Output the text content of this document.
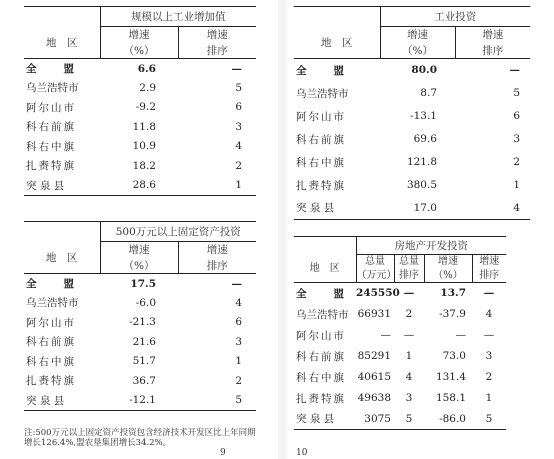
	规模以上工业增加值	
地　区	增速	增速
	（%）	排序
全　　盟	6.6	—
乌兰浩特市	2.9	5
阿尔山市	-9.2	6
科右前旗	11.8	3
科右中旗	10.9	4
扎赉特旗	18.2	2
突 泉 县	28.6	1
	500万元以上固定资产投资	
地　区	增速	增速
	（%）	排序
全　　盟	17.5	—
乌兰浩特市	-6.0	4
阿尔山市	-21.3	6
科右前旗	21.6	3
科右中旗	51.7	1
扎赉特旗	36.7	2
突 泉 县	-12.1	5
注:500万元以上固定资产投资包含经济技术开发区比上年同期增长126.4%,盟农垦集团增长34.2%。
9
	工业投资	
地　区	增速	增速
	（%）	排序
全　　盟	80.0	—
乌兰浩特市	8.7	5
阿尔山市	-13.1	6
科右前旗	69.6	3
科右中旗	121.8	2
扎赉特旗	380.5	1
突 泉 县	17.0	4
	房地产开发投资			
地　区	总量	总量	增速	增速
	（万元）	排序	（%）	排序
全　　盟	245550	—	13.7	—
乌兰浩特市	66931	2	-37.9	4
阿尔山市	—	—	—	—
科右前旗	85291	1	73.0	3
科右中旗	40615	4	131.4	2
扎赉特旗	49638	3	158.1	1
突 泉 县	3075	5	-86.0	5
10
